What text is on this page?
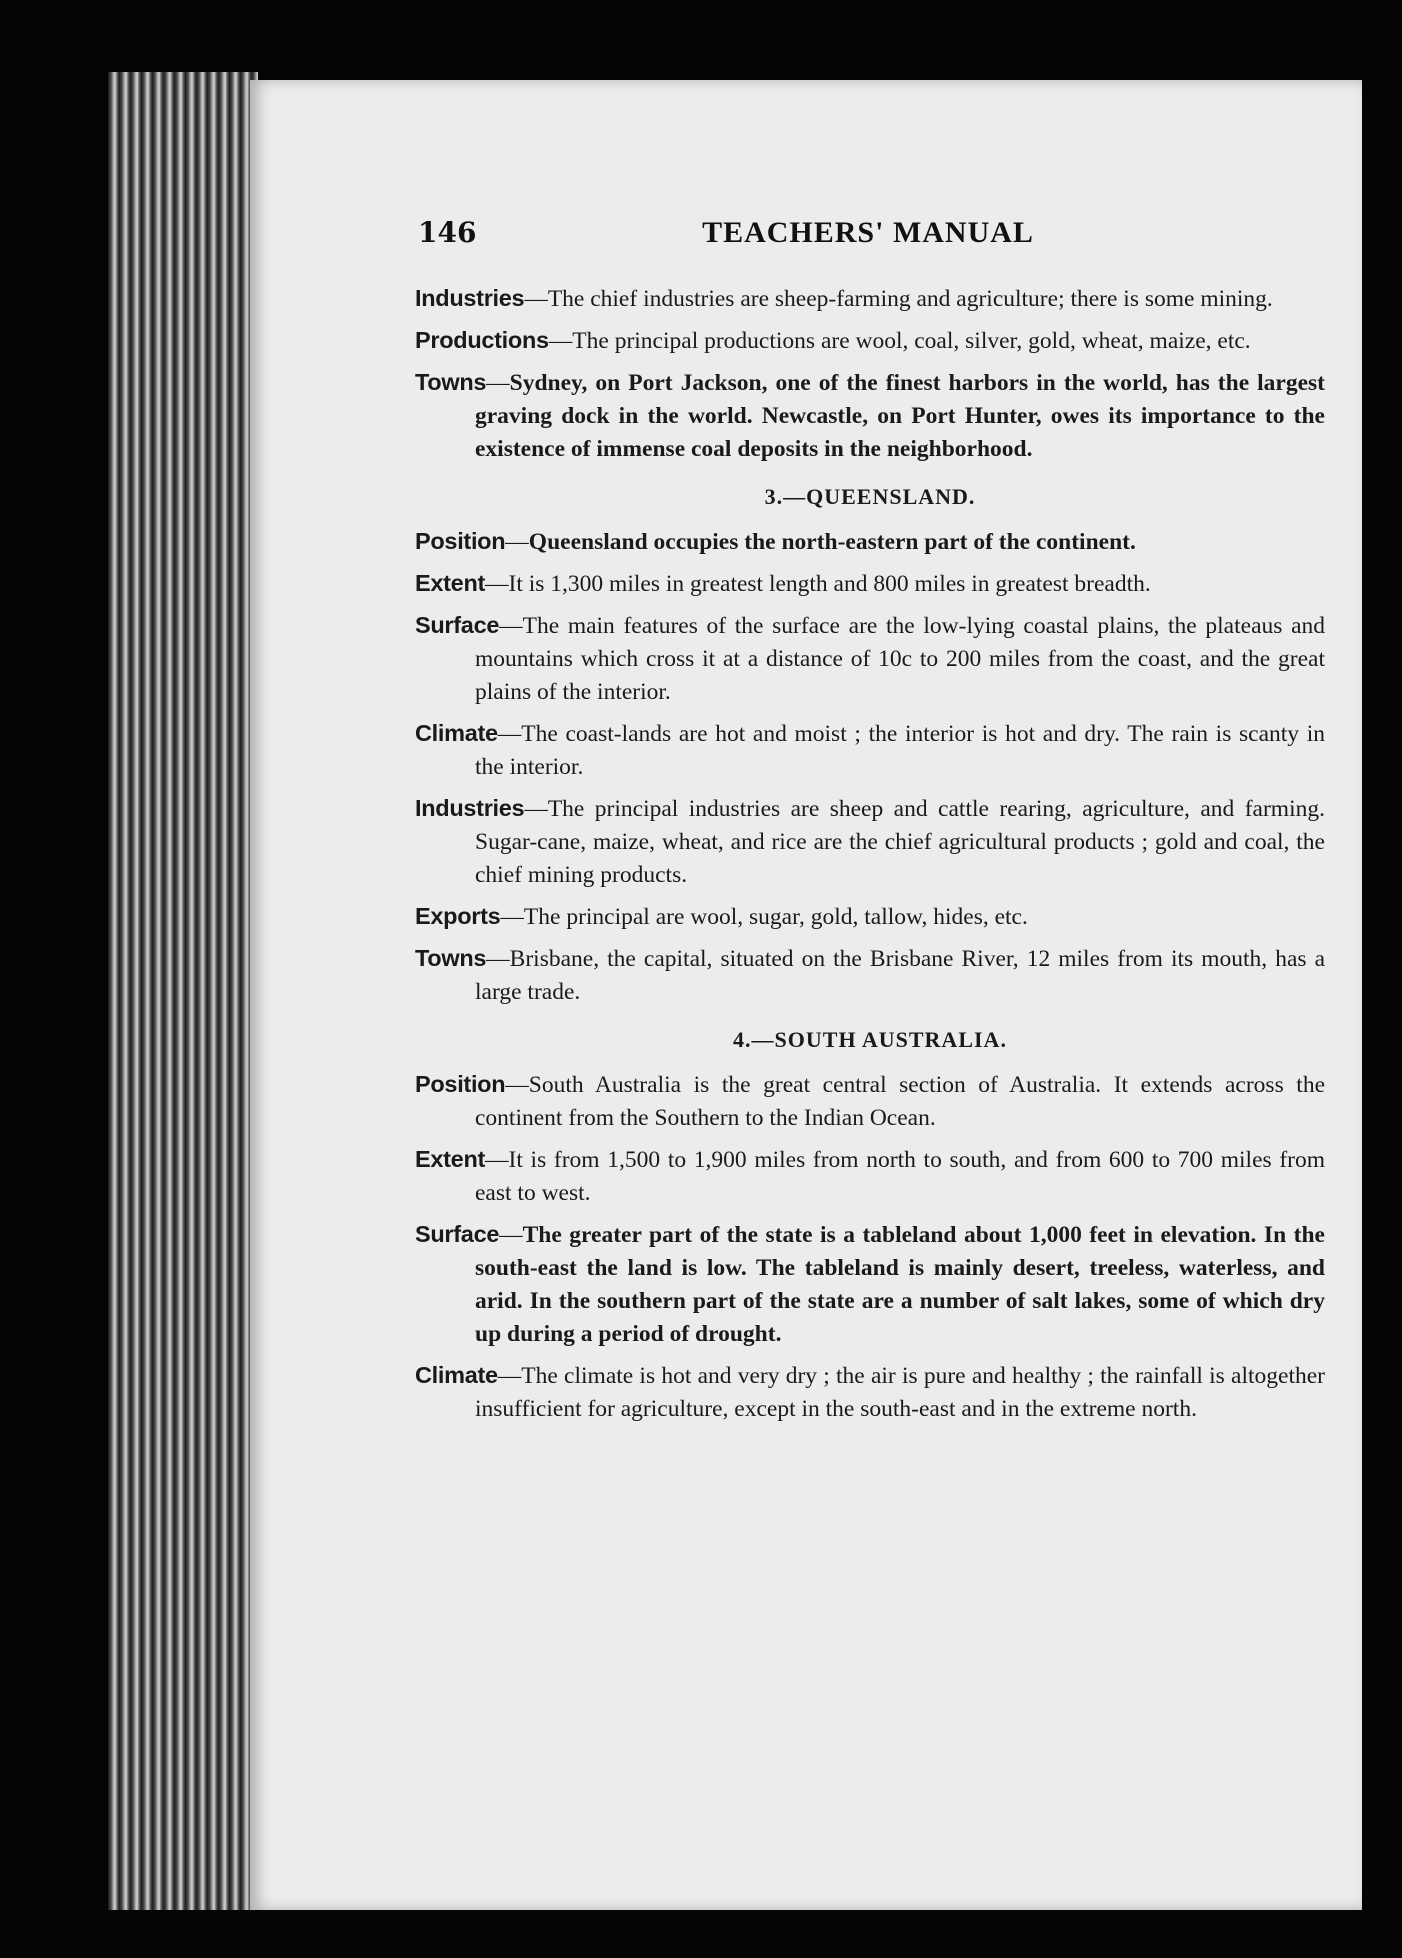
146	TEACHERS' MANUAL

Industries—The chief industries are sheep-farming and agriculture; there is some mining.

Productions—The principal productions are wool, coal, silver, gold, wheat, maize, etc.

Towns—Sydney, on Port Jackson, one of the finest harbors in the world, has the largest graving dock in the world. Newcastle, on Port Hunter, owes its importance to the existence of immense coal deposits in the neighborhood.

3.—QUEENSLAND.

Position—Queensland occupies the north-eastern part of the continent.

Extent—It is 1,300 miles in greatest length and 800 miles in greatest breadth.

Surface—The main features of the surface are the low-lying coastal plains, the plateaus and mountains which cross it at a distance of 10c to 200 miles from the coast, and the great plains of the interior.

Climate—The coast-lands are hot and moist ; the interior is hot and dry. The rain is scanty in the interior.

Industries—The principal industries are sheep and cattle rearing, agriculture, and farming. Sugar-cane, maize, wheat, and rice are the chief agricultural products ; gold and coal, the chief mining products.

Exports—The principal are wool, sugar, gold, tallow, hides, etc.

Towns—Brisbane, the capital, situated on the Brisbane River, 12 miles from its mouth, has a large trade.

4.—SOUTH AUSTRALIA.

Position—South Australia is the great central section of Australia. It extends across the continent from the Southern to the Indian Ocean.

Extent—It is from 1,500 to 1,900 miles from north to south, and from 600 to 700 miles from east to west.

Surface—The greater part of the state is a tableland about 1,000 feet in elevation. In the south-east the land is low. The tableland is mainly desert, treeless, waterless, and arid. In the southern part of the state are a number of salt lakes, some of which dry up during a period of drought.

Climate—The climate is hot and very dry ; the air is pure and healthy ; the rainfall is altogether insufficient for agriculture, except in the south-east and in the extreme north.
